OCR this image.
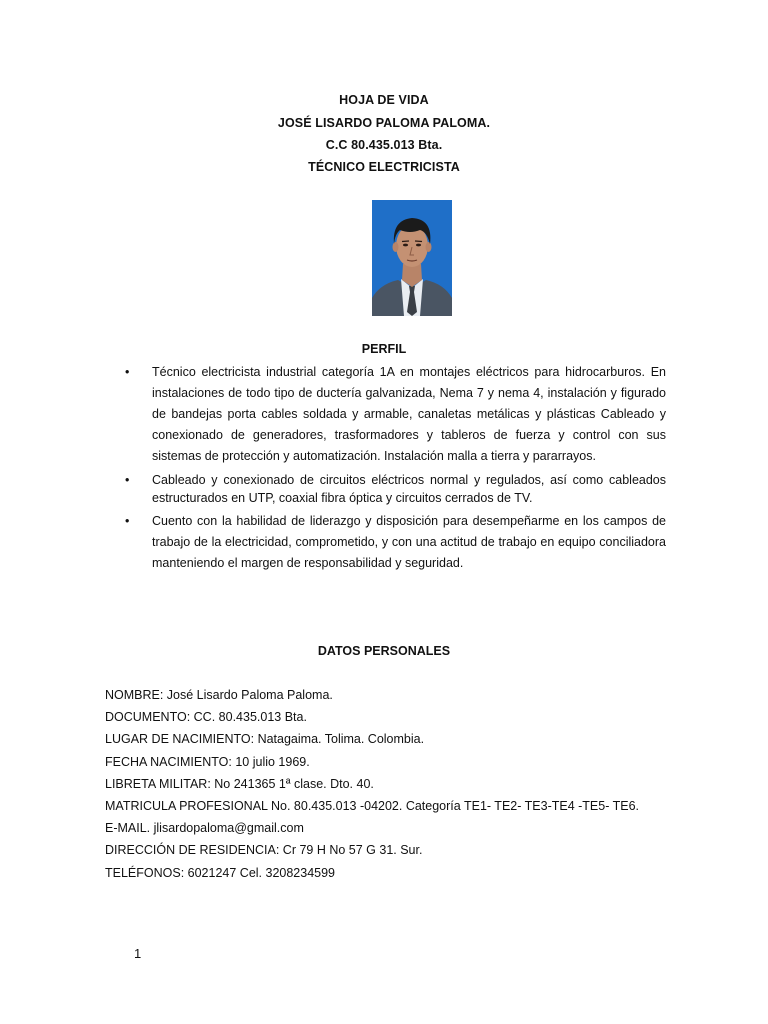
HOJA DE VIDA
JOSÉ LISARDO PALOMA PALOMA.
C.C 80.435.013 Bta.
TÉCNICO ELECTRICISTA
PERFIL
• Técnico electricista industrial categoría 1A en montajes eléctricos para hidrocarburos. En instalaciones de todo tipo de ductería galvanizada, Nema 7 y nema 4, instalación y figurado de bandejas porta cables soldada y armable, canaletas metálicas y plásticas Cableado y conexionado de generadores, trasformadores y tableros de fuerza y control con sus sistemas de protección y automatización. Instalación malla a tierra y pararrayos.
• Cableado y conexionado de circuitos eléctricos normal y regulados, así como cableados estructurados en UTP, coaxial fibra óptica y circuitos cerrados de TV.
• Cuento con la habilidad de liderazgo y disposición para desempeñarme en los campos de trabajo de la electricidad, comprometido, y con una actitud de trabajo en equipo conciliadora manteniendo el margen de responsabilidad y seguridad.
DATOS PERSONALES
NOMBRE: José Lisardo Paloma Paloma.
DOCUMENTO: CC. 80.435.013 Bta.
LUGAR DE NACIMIENTO: Natagaima. Tolima. Colombia.
FECHA NACIMIENTO: 10 julio 1969.
LIBRETA MILITAR: No 241365 1ª clase. Dto. 40.
MATRICULA PROFESIONAL No. 80.435.013 -04202. Categoría TE1- TE2- TE3-TE4 -TE5- TE6.
E-MAIL. jlisardopaloma@gmail.com
DIRECCIÓN DE RESIDENCIA: Cr 79 H No 57 G 31. Sur.
TELÉFONOS: 6021247 Cel. 3208234599
1
